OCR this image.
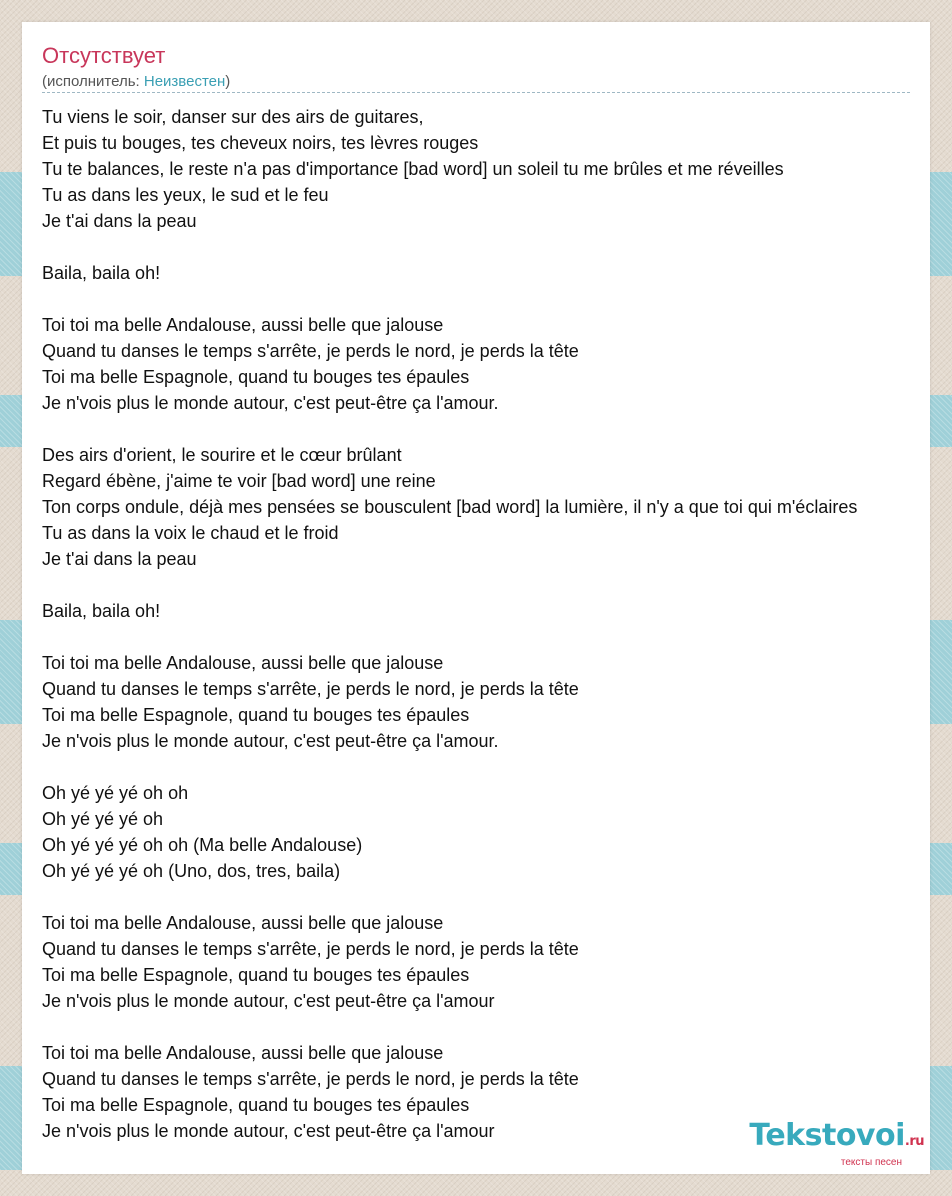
Отсутствует
(исполнитель: Неизвестен)
Tu viens le soir, danser sur des airs de guitares,
Et puis tu bouges, tes cheveux noirs, tes lèvres rouges
Tu te balances, le reste n'a pas d'importance [bad word] un soleil tu me brûles et me réveilles
Tu as dans les yeux, le sud et le feu
Je t'ai dans la peau
Baila, baila oh!
Toi toi ma belle Andalouse, aussi belle que jalouse
Quand tu danses le temps s'arrête, je perds le nord, je perds la tête
Toi ma belle Espagnole, quand tu bouges tes épaules
Je n'vois plus le monde autour, c'est peut-être ça l'amour.
Des airs d'orient, le sourire et le cœur brûlant
Regard ébène, j'aime te voir [bad word] une reine
Ton corps ondule, déjà mes pensées se bousculent [bad word] la lumière, il n'y a que toi qui m'éclaires
Tu as dans la voix le chaud et le froid
Je t'ai dans la peau
Baila, baila oh!
Toi toi ma belle Andalouse, aussi belle que jalouse
Quand tu danses le temps s'arrête, je perds le nord, je perds la tête
Toi ma belle Espagnole, quand tu bouges tes épaules
Je n'vois plus le monde autour, c'est peut-être ça l'amour.
Oh yé yé yé oh oh
Oh yé yé yé oh
Oh yé yé yé oh oh (Ma belle Andalouse)
Oh yé yé yé oh (Uno, dos, tres, baila)
Toi toi ma belle Andalouse, aussi belle que jalouse
Quand tu danses le temps s'arrête, je perds le nord, je perds la tête
Toi ma belle Espagnole, quand tu bouges tes épaules
Je n'vois plus le monde autour, c'est peut-être ça l'amour
Toi toi ma belle Andalouse, aussi belle que jalouse
Quand tu danses le temps s'arrête, je perds le nord, je perds la tête
Toi ma belle Espagnole, quand tu bouges tes épaules
Je n'vois plus le monde autour, c'est peut-être ça l'amour	Tekstovoi.ru
тексты песен
